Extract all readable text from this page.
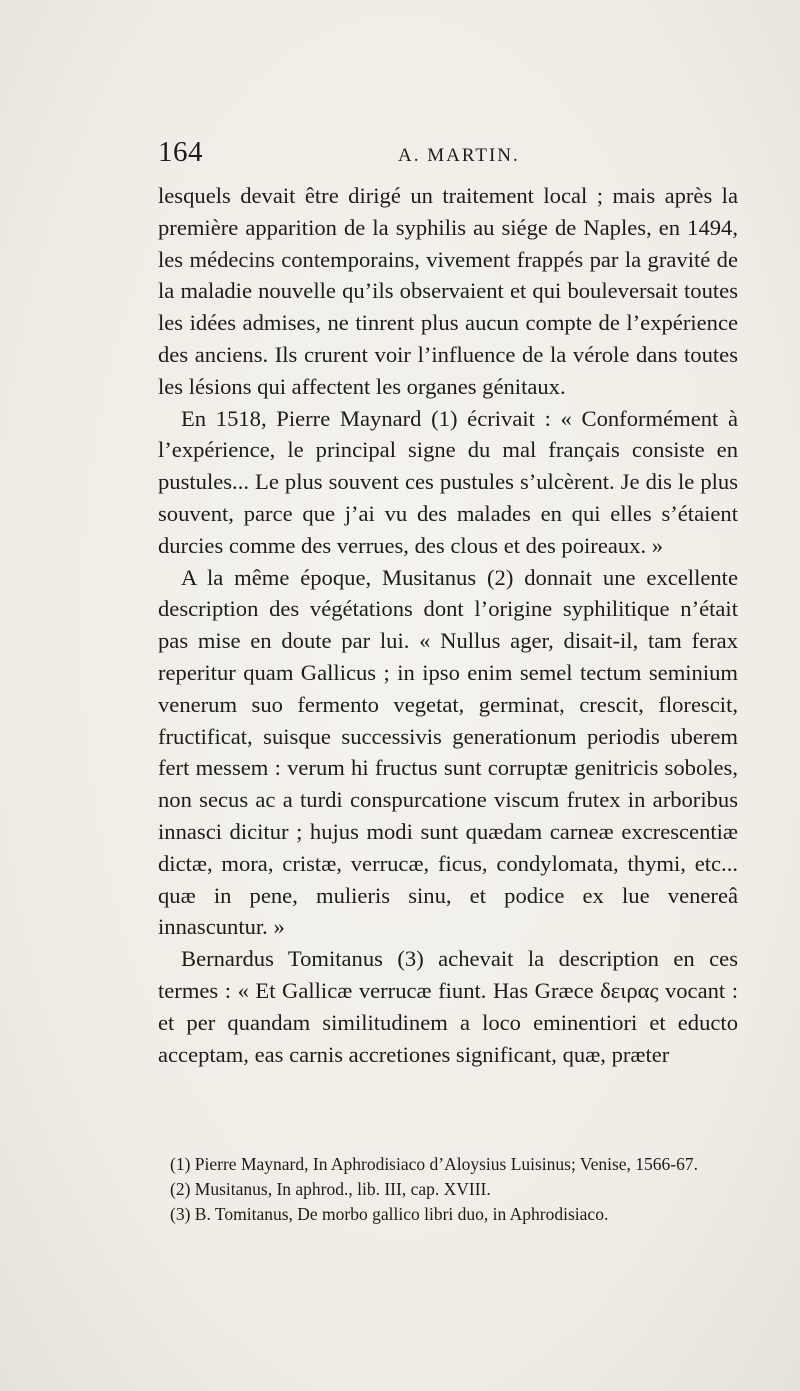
164	A. MARTIN.

lesquels devait être dirigé un traitement local ; mais après la première apparition de la syphilis au siége de Naples, en 1494, les médecins contemporains, vivement frappés par la gravité de la maladie nouvelle qu’ils observaient et qui bouleversait toutes les idées admises, ne tinrent plus aucun compte de l’expérience des anciens. Ils crurent voir l’influence de la vérole dans toutes les lésions qui affectent les organes génitaux.

En 1518, Pierre Maynard (1) écrivait : « Conformément à l’expérience, le principal signe du mal français consiste en pustules... Le plus souvent ces pustules s’ulcèrent. Je dis le plus souvent, parce que j’ai vu des malades en qui elles s’étaient durcies comme des verrues, des clous et des poireaux. »

A la même époque, Musitanus (2) donnait une excellente description des végétations dont l’origine syphilitique n’était pas mise en doute par lui. « Nullus ager, disait-il, tam ferax reperitur quam Gallicus ; in ipso enim semel tectum seminium venerum suo fermento vegetat, germinat, crescit, florescit, fructificat, suisque successivis generationum periodis uberem fert messem : verum hi fructus sunt corruptæ genitricis soboles, non secus ac a turdi conspurcatione viscum frutex in arboribus innasci dicitur ; hujus modi sunt quædam carneæ excrescentiæ dictæ, mora, cristæ, verrucæ, ficus, condylomata, thymi, etc... quæ in pene, mulieris sinu, et podice ex lue venereâ innascuntur. »

Bernardus Tomitanus (3) achevait la description en ces termes : « Et Gallicæ verrucæ fiunt. Has Græce δειρας vocant : et per quandam similitudinem a loco eminentiori et educto acceptam, eas carnis accretiones significant, quæ, præter

(1) Pierre Maynard, In Aphrodisiaco d’Aloysius Luisinus; Venise, 1566-67.

(2) Musitanus, In aphrod., lib. III, cap. XVIII.

(3) B. Tomitanus, De morbo gallico libri duo, in Aphrodisiaco.
